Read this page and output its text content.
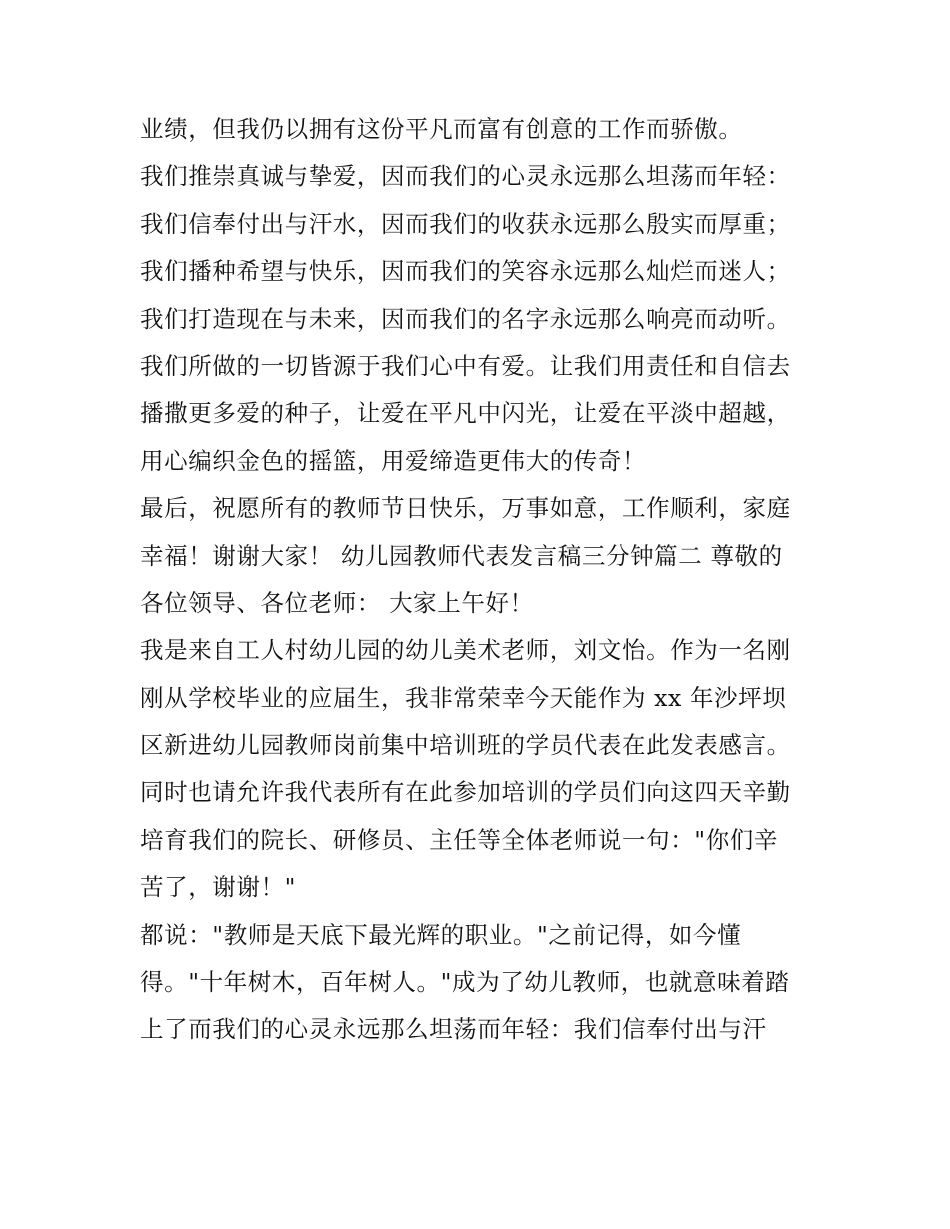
业绩，但我仍以拥有这份平凡而富有创意的工作而骄傲。
我们推崇真诚与挚爱，因而我们的心灵永远那么坦荡而年轻：
我们信奉付出与汗水，因而我们的收获永远那么殷实而厚重；
我们播种希望与快乐，因而我们的笑容永远那么灿烂而迷人；
我们打造现在与未来，因而我们的名字永远那么响亮而动听。
我们所做的一切皆源于我们心中有爱。让我们用责任和自信去
播撒更多爱的种子，让爱在平凡中闪光，让爱在平淡中超越，
用心编织金色的摇篮，用爱缔造更伟大的传奇！
最后，祝愿所有的教师节日快乐，万事如意，工作顺利，家庭
幸福！谢谢大家！ 幼儿园教师代表发言稿三分钟篇二 尊敬的
各位领导、各位老师： 大家上午好！
我是来自工人村幼儿园的幼儿美术老师，刘文怡。作为一名刚
刚从学校毕业的应届生，我非常荣幸今天能作为 xx 年沙坪坝
区新进幼儿园教师岗前集中培训班的学员代表在此发表感言。
同时也请允许我代表所有在此参加培训的学员们向这四天辛勤
培育我们的院长、研修员、主任等全体老师说一句："你们辛
苦了，谢谢！"
都说："教师是天底下最光辉的职业。"之前记得，如今懂
得。"十年树木，百年树人。"成为了幼儿教师，也就意味着踏
上了而我们的心灵永远那么坦荡而年轻：我们信奉付出与汗
